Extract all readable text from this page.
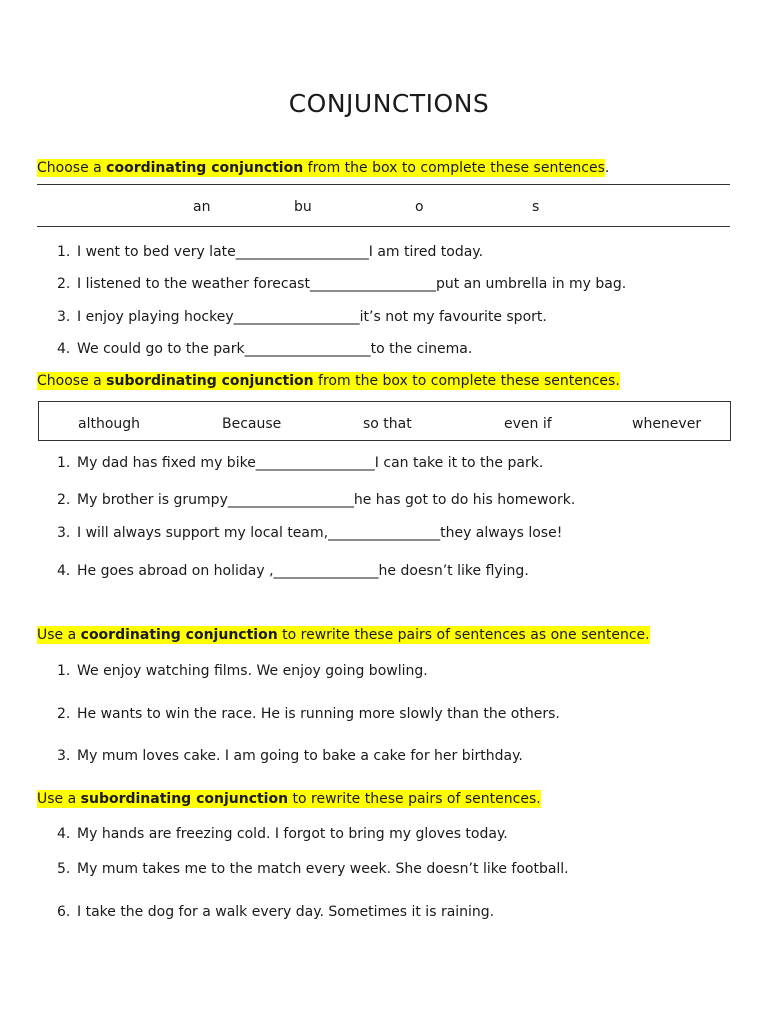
CONJUNCTIONS
Choose a coordinating conjunction from the box to complete these sentences.
an	bu	o	s
1. I went to bed very late___________________I am tired today.
2. I listened to the weather forecast__________________put an umbrella in my bag.
3. I enjoy playing hockey__________________it’s not my favourite sport.
4. We could go to the park__________________to the cinema.
Choose a subordinating conjunction from the box to complete these sentences.
although	Because	so that	even if	whenever
1. My dad has fixed my bike_________________I can take it to the park.
2. My brother is grumpy__________________he has got to do his homework.
3. I will always support my local team,________________they always lose!
4. He goes abroad on holiday ,_______________he doesn’t like flying.
Use a coordinating conjunction to rewrite these pairs of sentences as one sentence.
1. We enjoy watching films. We enjoy going bowling.
2. He wants to win the race. He is running more slowly than the others.
3. My mum loves cake. I am going to bake a cake for her birthday.
Use a subordinating conjunction to rewrite these pairs of sentences.
4. My hands are freezing cold. I forgot to bring my gloves today.
5. My mum takes me to the match every week. She doesn’t like football.
6. I take the dog for a walk every day. Sometimes it is raining.
